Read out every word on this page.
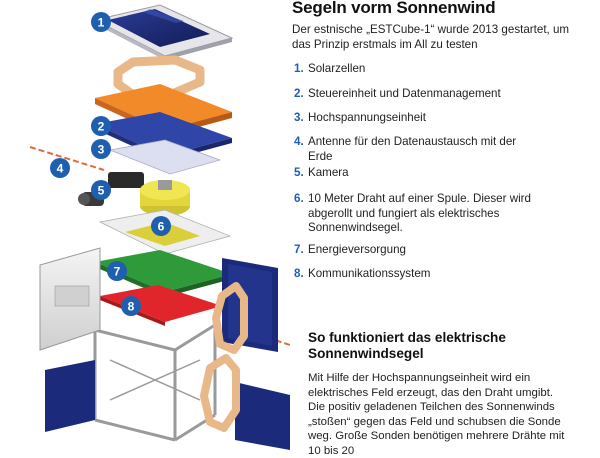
1
2
3
4
5
6
7
8
Segeln vorm Sonnenwind
Der estnische „ESTCube-1“ wurde 2013 gestartet, um das Prinzip erstmals im All zu testen
1. Solarzellen
2. Steuereinheit und Datenmanagement
3. Hochspannungseinheit
4. Antenne für den Datenaustausch mit der Erde
5. Kamera
6. 10 Meter Draht auf einer Spule. Dieser wird abgerollt und fungiert als elektrisches Sonnenwindsegel.
7. Energieversorgung
8. Kommunikationssystem
So funktioniert das elektrische Sonnenwindsegel
Mit Hilfe der Hochspannungseinheit wird ein elektrisches Feld erzeugt, das den Draht umgibt. Die positiv geladenen Teilchen des Sonnenwinds „stoßen“ gegen das Feld und schubsen die Sonde weg. Große Sonden benötigen mehrere Drähte mit 10 bis 20
